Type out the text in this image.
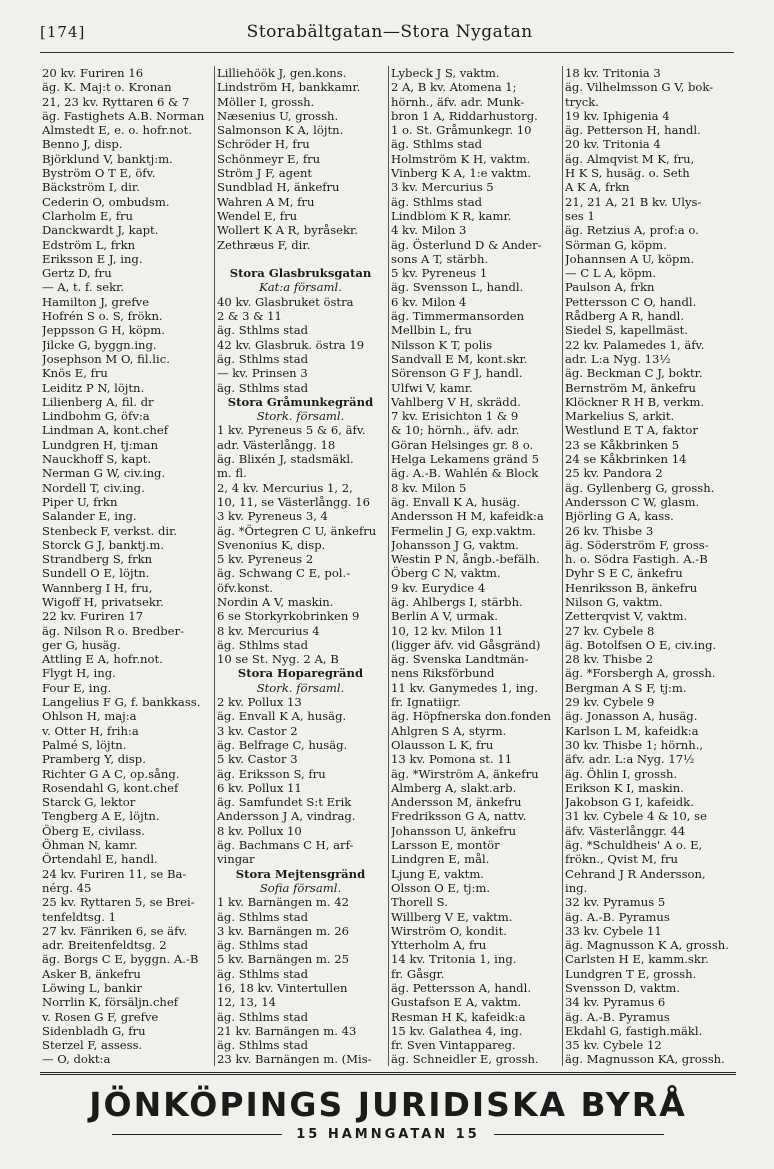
[174]	Storabältgatan—Stora Nygatan
20 kv. Furiren 16
äg. K. Maj:t o. Kronan
21, 23 kv. Ryttaren 6 & 7
äg. Fastighets A.B. Norman
Almstedt E, e. o. hofr.not.
Benno J, disp.
Björklund V, banktj:m.
Byström O T E, öfv.
Bäckström I, dir.
Cederin O, ombudsm.
Clarholm E, fru
Danckwardt J, kapt.
Edström L, frkn
Eriksson E J, ing.
Gertz D, fru
— A, t. f. sekr.
Hamilton J, grefve
Hofrén S o. S, frökn.
Jeppsson G H, köpm.
Jilcke G, byggn.ing.
Josephson M O, fil.lic.
Knös E, fru
Leiditz P N, löjtn.
Lilienberg A, fil. dr
Lindbohm G, öfv:a
Lindman A, kont.chef
Lundgren H, tj:man
Nauckhoff S, kapt.
Nerman G W, civ.ing.
Nordell T, civ.ing.
Piper U, frkn
Salander E, ing.
Stenbeck F, verkst. dir.
Storck G J, banktj.m.
Strandberg S, frkn
Sundell O E, löjtn.
Wannberg I H, fru,
Wigoff H, privatsekr.
22 kv. Furiren 17
äg. Nilson R o. Bredber-
ger G, husäg.
Attling E A, hofr.not.
Flygt H, ing.
Four E, ing.
Langelius F G, f. bankkass.
Ohlson H, maj:a
v. Otter H, frih:a
Palmé S, löjtn.
Pramberg Y, disp.
Richter G A C, op.sång.
Rosendahl G, kont.chef
Starck G, lektor
Tengberg A E, löjtn.
Öberg E, civilass.
Öhman N, kamr.
Örtendahl E, handl.
24 kv. Furiren 11, se Ba-
nérg. 45
25 kv. Ryttaren 5, se Brei-
tenfeldtsg. 1
27 kv. Fänriken 6, se äfv.
adr. Breitenfeldtsg. 2
äg. Borgs C E, byggn. A.-B
Asker B, änkefru
Löwing L, bankir
Norrlin K, försäljn.chef
v. Rosen G F, grefve
Sidenbladh G, fru
Sterzel F, assess.
— O, dokt:a
Lilliehöök J, gen.kons.
Lindström H, bankkamr.
Möller I, grossh.
Næsenius U, grossh.
Salmonson K A, löjtn.
Schröder H, fru
Schönmeyr E, fru
Ström J F, agent
Sundblad H, änkefru
Wahren A M, fru
Wendel E, fru
Wollert K A R, byråsekr.
Zethræus F, dir.

Stora Glasbruksgatan
Kat:a församl.
40 kv. Glasbruket östra
2 & 3 & 11
äg. Sthlms stad
42 kv. Glasbruk. östra 19
äg. Sthlms stad
— kv. Prinsen 3
äg. Sthlms stad
Stora Gråmunkegränd
Stork. församl.
1 kv. Pyreneus 5 & 6, äfv.
adr. Västerlångg. 18
äg. Blixén J, stadsmäkl.
m. fl.
2, 4 kv. Mercurius 1, 2,
10, 11, se Västerlångg. 16
3 kv. Pyreneus 3, 4
äg. *Örtegren C U, änkefru
Svenonius K, disp.
5 kv. Pyreneus 2
äg. Schwang C E, pol.-
öfv.konst.
Nordin A V, maskin.
6 se Storkyrkobrinken 9
8 kv. Mercurius 4
äg. Sthlms stad
10 se St. Nyg. 2 A, B
Stora Hoparegränd
Stork. församl.
2 kv. Pollux 13
äg. Envall K A, husäg.
3 kv. Castor 2
äg. Belfrage C, husäg.
5 kv. Castor 3
äg. Eriksson S, fru
6 kv. Pollux 11
äg. Samfundet S:t Erik
Andersson J A, vindrag.
8 kv. Pollux 10
äg. Bachmans C H, arf-
vingar
Stora Mejtensgränd
Sofia församl.
1 kv. Barnängen m. 42
äg. Sthlms stad
3 kv. Barnängen m. 26
äg. Sthlms stad
5 kv. Barnängen m. 25
äg. Sthlms stad
16, 18 kv. Vintertullen
12, 13, 14
äg. Sthlms stad
21 kv. Barnängen m. 43
äg. Sthlms stad
23 kv. Barnängen m. (Mis-
Lybeck J S, vaktm.
2 A, B kv. Atomena 1;
hörnh., äfv. adr. Munk-
bron 1 A, Riddarhustorg.
1 o. St. Gråmunkegr. 10
äg. Sthlms stad
Holmström K H, vaktm.
Vinberg K A, 1:e vaktm.
3 kv. Mercurius 5
äg. Sthlms stad
Lindblom K R, kamr.
4 kv. Milon 3
äg. Österlund D & Ander-
sons A T, stärbh.
5 kv. Pyreneus 1
äg. Svensson L, handl.
6 kv. Milon 4
äg. Timmermansorden
Mellbin L, fru
Nilsson K T, polis
Sandvall E M, kont.skr.
Sörenson G F J, handl.
Ulfwi V, kamr.
Vahlberg V H, skrädd.
7 kv. Erisichton 1 & 9
& 10; hörnh., äfv. adr.
Göran Helsinges gr. 8 o.
Helga Lekamens gränd 5
äg. A.-B. Wahlén & Block
8 kv. Milon 5
äg. Envall K A, husäg.
Andersson H M, kafeidk:a
Fermelin J G, exp.vaktm.
Johansson J G, vaktm.
Westin P N, ångb.-befälh.
Öberg C N, vaktm.
9 kv. Eurydice 4
äg. Ahlbergs I, stärbh.
Berlin A V, urmak.
10, 12 kv. Milon 11
(ligger äfv. vid Gåsgränd)
äg. Svenska Landtmän-
nens Riksförbund
11 kv. Ganymedes 1, ing.
fr. Ignatiigr.
äg. Höpfnerska don.fonden
Ahlgren S A, styrm.
Olausson L K, fru
13 kv. Pomona st. 11
äg. *Wirström A, änkefru
Almberg A, slakt.arb.
Andersson M, änkefru
Fredriksson G A, nattv.
Johansson U, änkefru
Larsson E, montör
Lindgren E, mål.
Ljung E, vaktm.
Olsson O E, tj:m.
Thorell S.
Willberg V E, vaktm.
Wirström O, kondit.
Ytterholm A, fru
14 kv. Tritonia 1, ing.
fr. Gåsgr.
äg. Pettersson A, handl.
Gustafson E A, vaktm.
Resman H K, kafeidk:a
15 kv. Galathea 4, ing.
fr. Sven Vintappareg.
äg. Schneidler E, grossh.
18 kv. Tritonia 3
äg. Vilhelmsson G V, bok-
tryck.
19 kv. Iphigenia 4
äg. Petterson H, handl.
20 kv. Tritonia 4
äg. Almqvist M K, fru,
H K S, husäg. o. Seth
A K A, frkn
21, 21 A, 21 B kv. Ulys-
ses 1
äg. Retzius A, prof:a o.
Sörman G, köpm.
Johannsen A U, köpm.
— C L A, köpm.
Paulson A, frkn
Pettersson C O, handl.
Rådberg A R, handl.
Siedel S, kapellmäst.
22 kv. Palamedes 1, äfv.
adr. L:a Nyg. 13½
äg. Beckman C J, boktr.
Bernström M, änkefru
Klöckner R H B, verkm.
Markelius S, arkit.
Westlund E T A, faktor
23 se Kåkbrinken 5
24 se Kåkbrinken 14
25 kv. Pandora 2
äg. Gyllenberg G, grossh.
Andersson C W, glasm.
Björling G A, kass.
26 kv. Thisbe 3
äg. Söderström F, gross-
h. o. Södra Fastigh. A.-B
Dyhr S E C, änkefru
Henriksson B, änkefru
Nilson G, vaktm.
Zetterqvist V, vaktm.
27 kv. Cybele 8
äg. Botolfsen O E, civ.ing.
28 kv. Thisbe 2
äg. *Forsbergh A, grossh.
Bergman A S F, tj:m.
29 kv. Cybele 9
äg. Jonasson A, husäg.
Karlson L M, kafeidk:a
30 kv. Thisbe 1; hörnh.,
äfv. adr. L:a Nyg. 17½
äg. Öhlin I, grossh.
Erikson K I, maskin.
Jakobson G I, kafeidk.
31 kv. Cybele 4 & 10, se
äfv. Västerlånggr. 44
äg. *Schuldheis' A o. E,
frökn., Qvist M, fru
Cehrand J R Andersson,
ing.
32 kv. Pyramus 5
äg. A.-B. Pyramus
33 kv. Cybele 11
äg. Magnusson K A, grossh.
Carlsten H E, kamm.skr.
Lundgren T E, grossh.
Svensson D, vaktm.
34 kv. Pyramus 6
äg. A.-B. Pyramus
Ekdahl G, fastigh.mäkl.
35 kv. Cybele 12
äg. Magnusson KA, grossh.
JÖNKÖPINGS JURIDISKA BYRÅ
15 HAMNGATAN 15
